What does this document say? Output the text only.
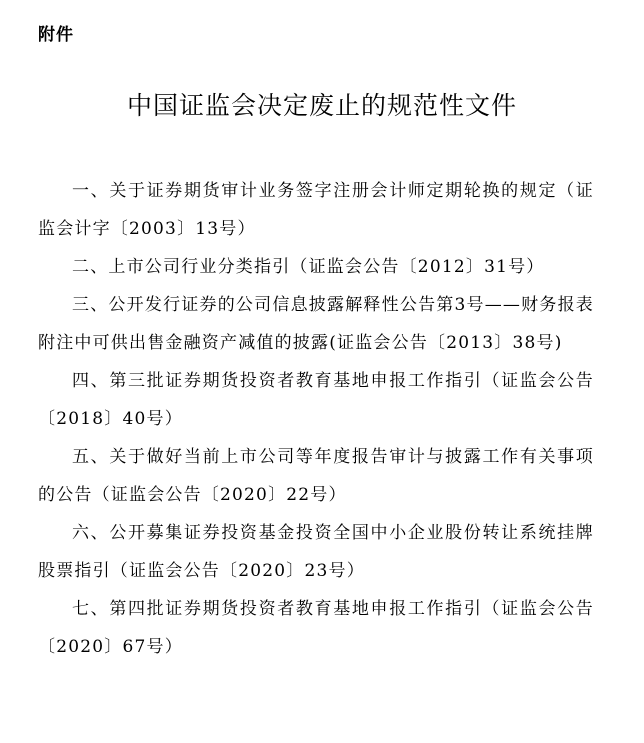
附件
中国证监会决定废止的规范性文件

一、关于证券期货审计业务签字注册会计师定期轮换的规定（证监会计字〔2003〕13号）

二、上市公司行业分类指引（证监会公告〔2012〕31号）

三、公开发行证券的公司信息披露解释性公告第3号——财务报表附注中可供出售金融资产减值的披露(证监会公告〔2013〕38号)

四、第三批证券期货投资者教育基地申报工作指引（证监会公告〔2018〕40号）

五、关于做好当前上市公司等年度报告审计与披露工作有关事项的公告（证监会公告〔2020〕22号）

六、公开募集证券投资基金投资全国中小企业股份转让系统挂牌股票指引（证监会公告〔2020〕23号）

七、第四批证券期货投资者教育基地申报工作指引（证监会公告〔2020〕67号）
